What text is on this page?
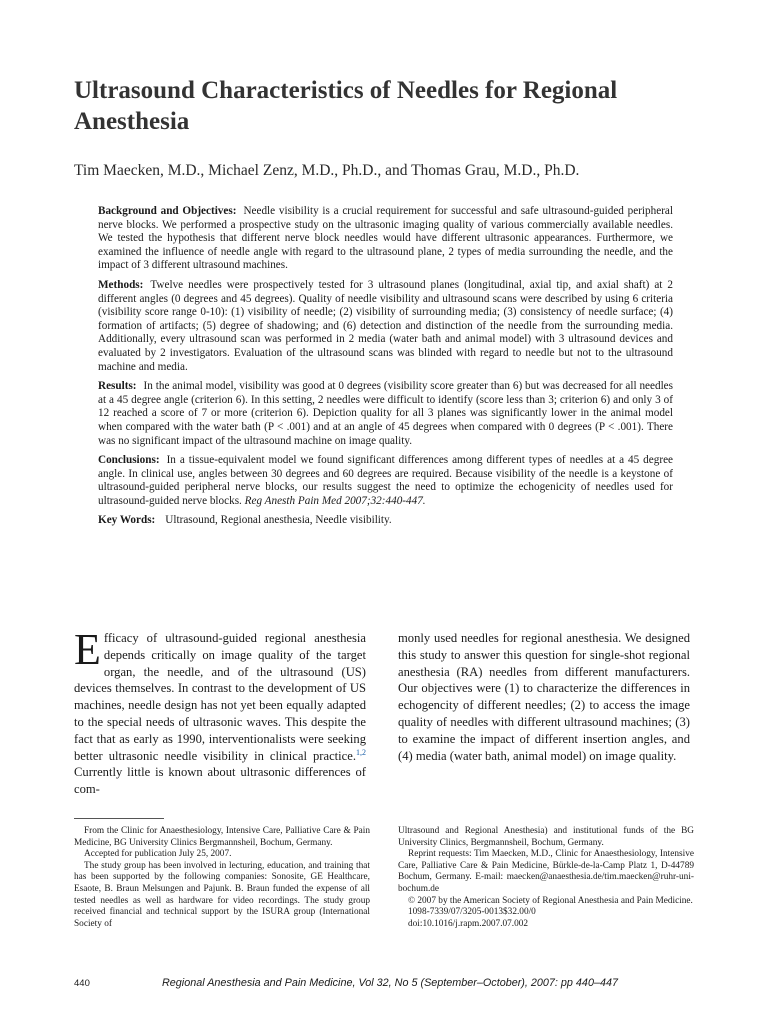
Ultrasound Characteristics of Needles for Regional Anesthesia
Tim Maecken, M.D., Michael Zenz, M.D., Ph.D., and Thomas Grau, M.D., Ph.D.

Background and Objectives: Needle visibility is a crucial requirement for successful and safe ultrasound-guided peripheral nerve blocks. We performed a prospective study on the ultrasonic imaging quality of various commercially available needles. We tested the hypothesis that different nerve block needles would have different ultrasonic appearances. Furthermore, we examined the influence of needle angle with regard to the ultrasound plane, 2 types of media surrounding the needle, and the impact of 3 different ultrasound machines.

Methods: Twelve needles were prospectively tested for 3 ultrasound planes (longitudinal, axial tip, and axial shaft) at 2 different angles (0 degrees and 45 degrees). Quality of needle visibility and ultrasound scans were described by using 6 criteria (visibility score range 0-10): (1) visibility of needle; (2) visibility of surrounding media; (3) consistency of needle surface; (4) formation of artifacts; (5) degree of shadowing; and (6) detection and distinction of the needle from the surrounding media. Additionally, every ultrasound scan was performed in 2 media (water bath and animal model) with 3 ultrasound devices and evaluated by 2 investigators. Evaluation of the ultrasound scans was blinded with regard to needle but not to the ultrasound machine and media.

Results: In the animal model, visibility was good at 0 degrees (visibility score greater than 6) but was decreased for all needles at a 45 degree angle (criterion 6). In this setting, 2 needles were difficult to identify (score less than 3; criterion 6) and only 3 of 12 reached a score of 7 or more (criterion 6). Depiction quality for all 3 planes was significantly lower in the animal model when compared with the water bath (P < .001) and at an angle of 45 degrees when compared with 0 degrees (P < .001). There was no significant impact of the ultrasound machine on image quality.

Conclusions: In a tissue-equivalent model we found significant differences among different types of needles at a 45 degree angle. In clinical use, angles between 30 degrees and 60 degrees are required. Because visibility of the needle is a keystone of ultrasound-guided peripheral nerve blocks, our results suggest the need to optimize the echogenicity of needles used for ultrasound-guided nerve blocks. Reg Anesth Pain Med 2007;32:440-447.

Key Words: Ultrasound, Regional anesthesia, Needle visibility.

Efficacy of ultrasound-guided regional anesthesia depends critically on image quality of the target organ, the needle, and of the ultrasound (US) devices themselves. In contrast to the development of US machines, needle design has not yet been equally adapted to the special needs of ultrasonic waves. This despite the fact that as early as 1990, interventionalists were seeking better ultrasonic needle visibility in clinical practice.$^{1,2}$ Currently little is known about ultrasonic differences of com-

monly used needles for regional anesthesia. We designed this study to answer this question for single-shot regional anesthesia (RA) needles from different manufacturers. Our objectives were (1) to characterize the differences in echogencity of different needles; (2) to access the image quality of needles with different ultrasound machines; (3) to examine the impact of different insertion angles, and (4) media (water bath, animal model) on image quality.

From the Clinic for Anaesthesiology, Intensive Care, Palliative Care & Pain Medicine, BG University Clinics Bergmannsheil, Bochum, Germany.

Accepted for publication July 25, 2007.

The study group has been involved in lecturing, education, and training that has been supported by the following companies: Sonosite, GE Healthcare, Esaote, B. Braun Melsungen and Pajunk. B. Braun funded the expense of all tested needles as well as hardware for video recordings. The study group received financial and technical support by the ISURA group (International Society of

Ultrasound and Regional Anesthesia) and institutional funds of the BG University Clinics, Bergmannsheil, Bochum, Germany.

Reprint requests: Tim Maecken, M.D., Clinic for Anaesthesiology, Intensive Care, Palliative Care & Pain Medicine, Bürkle-de-la-Camp Platz 1, D-44789 Bochum, Germany. E-mail: maecken@anaesthesia.de/tim.maecken@ruhr-uni-bochum.de

© 2007 by the American Society of Regional Anesthesia and Pain Medicine.

1098-7339/07/3205-0013$32.00/0

doi:10.1016/j.rapm.2007.07.002

440	Regional Anesthesia and Pain Medicine, Vol 32, No 5 (September–October), 2007: pp 440–447
